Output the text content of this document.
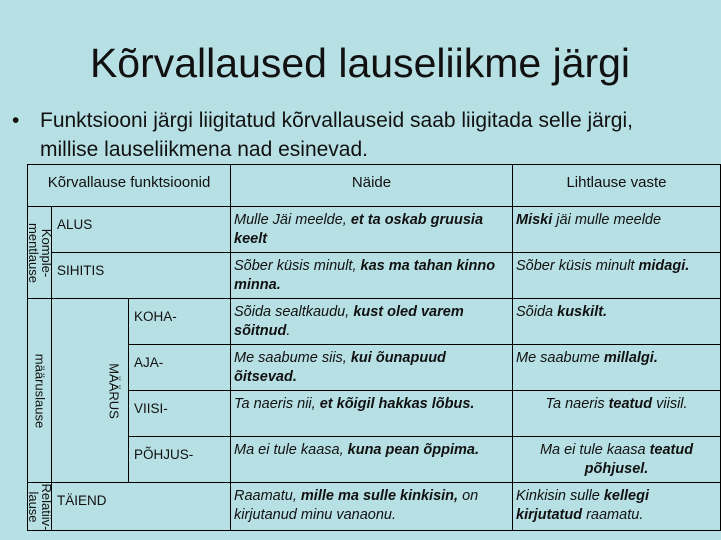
Kõrvallaused lauseliikme järgi
• Funktsiooni järgi liigitatud kõrvallauseid saab liigitada selle järgi, millise lauseliikmena nad esinevad.
Kõrvallause funktsioonid					Näide	Lihtlause vaste

Komple-
mentlause	ALUS				Mulle Jäi meelde, et ta oskab gruusia keelt	Miski jäi mulle meelde
	SIHITIS				Sõber küsis minult, kas ma tahan kinno minna.	Sõber küsis minult midagi.

määruslause		MÄÄRUS	KOHA-		Sõida sealtkaudu, kust oled varem sõitnud.	Sõida kuskilt.
			AJA-		Me saabume siis, kui õunapuud õitsevad.	Me saabume millalgi.
			VIISI-		Ta naeris nii, et kõigil hakkas lõbus.	Ta naeris teatud viisil.
			PÕHJUS-		Ma ei tule kaasa, kuna pean õppima.	Ma ei tule kaasa teatud põhjusel.

Relatiiv-
lause	TÄIEND				Raamatu, mille ma sulle kinkisin, on kirjutanud minu vanaonu.	Kinkisin sulle kellegi kirjutatud raamatu.
